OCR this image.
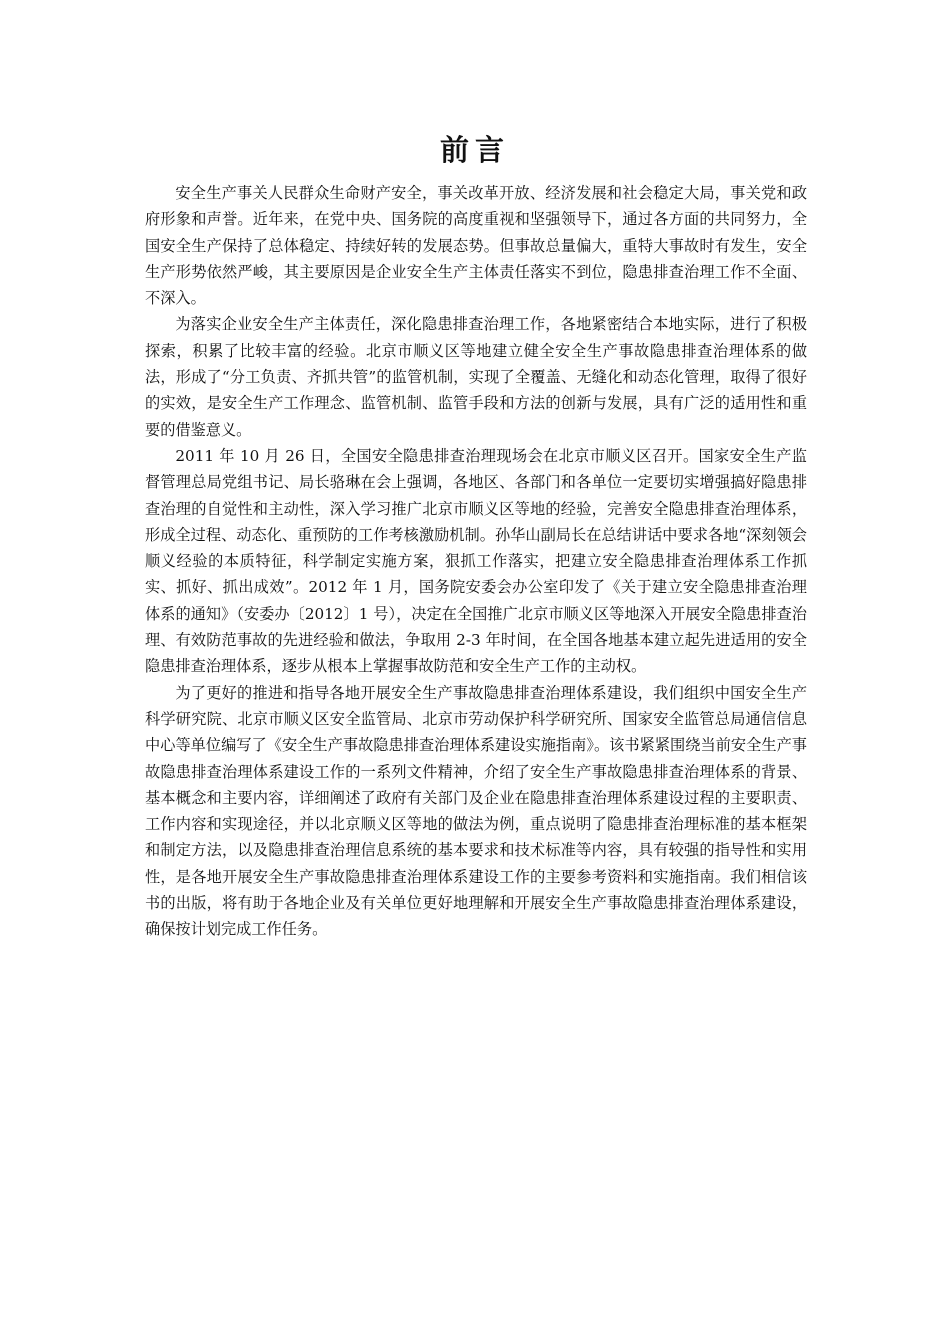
前言

安全生产事关人民群众生命财产安全，事关改革开放、经济发展和社会稳定大局，事关党和政府形象和声誉。近年来，在党中央、国务院的高度重视和坚强领导下，通过各方面的共同努力，全国安全生产保持了总体稳定、持续好转的发展态势。但事故总量偏大，重特大事故时有发生，安全生产形势依然严峻，其主要原因是企业安全生产主体责任落实不到位，隐患排查治理工作不全面、不深入。

为落实企业安全生产主体责任，深化隐患排查治理工作，各地紧密结合本地实际，进行了积极探索，积累了比较丰富的经验。北京市顺义区等地建立健全安全生产事故隐患排查治理体系的做法，形成了“分工负责、齐抓共管”的监管机制，实现了全覆盖、无缝化和动态化管理，取得了很好的实效，是安全生产工作理念、监管机制、监管手段和方法的创新与发展，具有广泛的适用性和重要的借鉴意义。

2011 年 10 月 26 日，全国安全隐患排查治理现场会在北京市顺义区召开。国家安全生产监督管理总局党组书记、局长骆琳在会上强调，各地区、各部门和各单位一定要切实增强搞好隐患排查治理的自觉性和主动性，深入学习推广北京市顺义区等地的经验，完善安全隐患排查治理体系，形成全过程、动态化、重预防的工作考核激励机制。孙华山副局长在总结讲话中要求各地“深刻领会顺义经验的本质特征，科学制定实施方案，狠抓工作落实，把建立安全隐患排查治理体系工作抓实、抓好、抓出成效”。2012 年 1 月，国务院安委会办公室印发了《关于建立安全隐患排查治理体系的通知》（安委办〔2012〕1 号），决定在全国推广北京市顺义区等地深入开展安全隐患排查治理、有效防范事故的先进经验和做法，争取用 2-3 年时间，在全国各地基本建立起先进适用的安全隐患排查治理体系，逐步从根本上掌握事故防范和安全生产工作的主动权。

为了更好的推进和指导各地开展安全生产事故隐患排查治理体系建设，我们组织中国安全生产科学研究院、北京市顺义区安全监管局、北京市劳动保护科学研究所、国家安全监管总局通信信息中心等单位编写了《安全生产事故隐患排查治理体系建设实施指南》。该书紧紧围绕当前安全生产事故隐患排查治理体系建设工作的一系列文件精神，介绍了安全生产事故隐患排查治理体系的背景、基本概念和主要内容，详细阐述了政府有关部门及企业在隐患排查治理体系建设过程的主要职责、工作内容和实现途径，并以北京顺义区等地的做法为例，重点说明了隐患排查治理标准的基本框架和制定方法，以及隐患排查治理信息系统的基本要求和技术标准等内容，具有较强的指导性和实用性，是各地开展安全生产事故隐患排查治理体系建设工作的主要参考资料和实施指南。我们相信该书的出版，将有助于各地企业及有关单位更好地理解和开展安全生产事故隐患排查治理体系建设，确保按计划完成工作任务。
